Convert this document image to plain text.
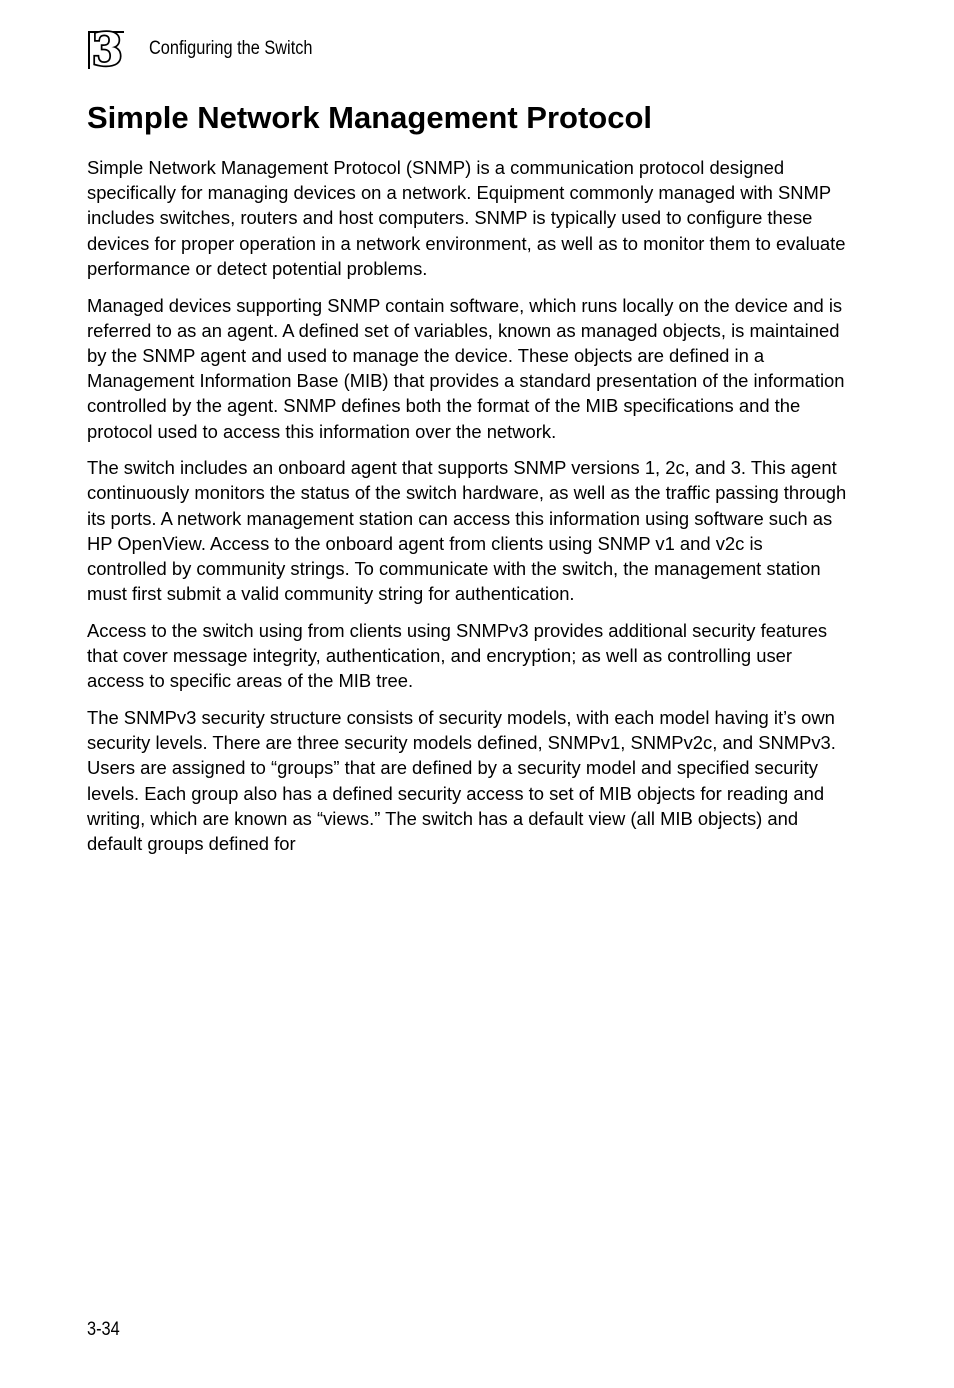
3 Configuring the Switch
Simple Network Management Protocol

Simple Network Management Protocol (SNMP) is a communication protocol designed specifically for managing devices on a network. Equipment commonly managed with SNMP includes switches, routers and host computers. SNMP is typically used to configure these devices for proper operation in a network environment, as well as to monitor them to evaluate performance or detect potential problems.

Managed devices supporting SNMP contain software, which runs locally on the device and is referred to as an agent. A defined set of variables, known as managed objects, is maintained by the SNMP agent and used to manage the device. These objects are defined in a Management Information Base (MIB) that provides a standard presentation of the information controlled by the agent. SNMP defines both the format of the MIB specifications and the protocol used to access this information over the network.

The switch includes an onboard agent that supports SNMP versions 1, 2c, and 3. This agent continuously monitors the status of the switch hardware, as well as the traffic passing through its ports. A network management station can access this information using software such as HP OpenView. Access to the onboard agent from clients using SNMP v1 and v2c is controlled by community strings. To communicate with the switch, the management station must first submit a valid community string for authentication.

Access to the switch using from clients using SNMPv3 provides additional security features that cover message integrity, authentication, and encryption; as well as controlling user access to specific areas of the MIB tree.

The SNMPv3 security structure consists of security models, with each model having it’s own security levels. There are three security models defined, SNMPv1, SNMPv2c, and SNMPv3. Users are assigned to “groups” that are defined by a security model and specified security levels. Each group also has a defined security access to set of MIB objects for reading and writing, which are known as “views.” The switch has a default view (all MIB objects) and default groups defined for

3-34
